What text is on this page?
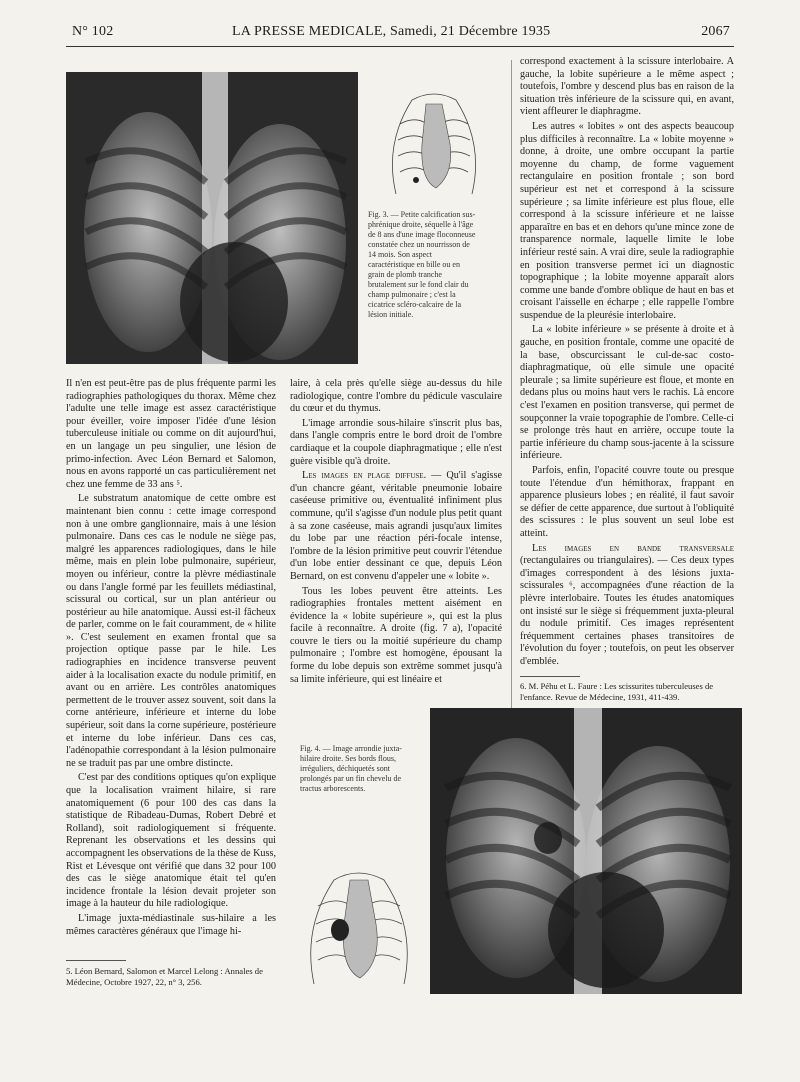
N° 102	LA PRESSE MEDICALE, Samedi, 21 Décembre 1935	2067
Fig. 3. — Petite calcification sus-phrénique droite, séquelle à l'âge de 8 ans d'une image floconneuse constatée chez un nourrisson de 14 mois. Son aspect caractéristique en bille ou en grain de plomb tranche brutalement sur le fond clair du champ pulmonaire ; c'est la cicatrice scléro-calcaire de la lésion initiale.

Il n'en est peut-être pas de plus fréquente parmi les radiographies pathologiques du thorax. Même chez l'adulte une telle image est assez caractéristique pour éveiller, voire imposer l'idée d'une lésion tuberculeuse initiale ou comme on dit aujourd'hui, en un langage un peu singulier, une lésion de primo-infection. Avec Léon Bernard et Salomon, nous en avons rapporté un cas particulièrement net chez une femme de 33 ans ⁵.

Le substratum anatomique de cette ombre est maintenant bien connu : cette image correspond non à une ombre ganglionnaire, mais à une lésion pulmonaire. Dans ces cas le nodule ne siège pas, malgré les apparences radiologiques, dans le hile même, mais en plein lobe pulmonaire, supérieur, moyen ou inférieur, contre la plèvre médiastinale ou dans l'angle formé par les feuillets médiastinal, scissural ou cortical, sur un plan antérieur ou postérieur au hile anatomique. Aussi est-il fâcheux de parler, comme on le fait couramment, de « hilite ». C'est seulement en examen frontal que sa projection optique passe par le hile. Les radiographies en incidence transverse peuvent aider à la localisation exacte du nodule primitif, en avant ou en arrière. Les contrôles anatomiques permettent de le trouver assez souvent, soit dans la corne antérieure, inférieure et interne du lobe supérieur, soit dans la corne supérieure, postérieure et interne du lobe inférieur. Dans ces cas, l'adénopathie correspondant à la lésion pulmonaire ne se traduit pas par une ombre distincte.

C'est par des conditions optiques qu'on explique que la localisation vraiment hilaire, si rare anatomiquement (6 pour 100 des cas dans la statistique de Ribadeau-Dumas, Robert Debré et Rolland), soit radiologiquement si fréquente. Reprenant les observations et les dessins qui accompagnent les observations de la thèse de Kuss, Rist et Lévesque ont vérifié que dans 32 pour 100 des cas le siège anatomique était tel qu'en incidence frontale la lésion devait projeter son image à la hauteur du hile radiologique.

L'image juxta-médiastinale sus-hilaire a les mêmes caractères généraux que l'image hi-

5. Léon Bernard, Salomon et Marcel Lelong : Annales de Médecine, Octobre 1927, 22, n° 3, 256.

laire, à cela près qu'elle siège au-dessus du hile radiologique, contre l'ombre du pédicule vasculaire du cœur et du thymus.

L'image arrondie sous-hilaire s'inscrit plus bas, dans l'angle compris entre le bord droit de l'ombre cardiaque et la coupole diaphragmatique ; elle n'est guère visible qu'à droite.

Les images en plage diffuse. — Qu'il s'agisse d'un chancre géant, véritable pneumonie lobaire caséeuse primitive ou, éventualité infiniment plus commune, qu'il s'agisse d'un nodule plus petit quant à sa zone caséeuse, mais agrandi jusqu'aux limites du lobe par une réaction péri-focale intense, l'ombre de la lésion primitive peut couvrir l'étendue d'un lobe entier dessinant ce que, depuis Léon Bernard, on est convenu d'appeler une « lobite ».

Tous les lobes peuvent être atteints. Les radiographies frontales mettent aisément en évidence la « lobite supérieure », qui est la plus facile à reconnaître. A droite (fig. 7 a), l'opacité couvre le tiers ou la moitié supérieure du champ pulmonaire ; l'ombre est homogène, épousant la forme du lobe depuis son extrême sommet jusqu'à sa limite inférieure, qui est linéaire et

Fig. 4. — Image arrondie juxta-hilaire droite. Ses bords flous, irréguliers, déchiquetés sont prolongés par un fin chevelu de tractus arborescents.

correspond exactement à la scissure interlobaire. A gauche, la lobite supérieure a le même aspect ; toutefois, l'ombre y descend plus bas en raison de la situation très inférieure de la scissure qui, en avant, vient affleurer le diaphragme.

Les autres « lobites » ont des aspects beaucoup plus difficiles à reconnaître. La « lobite moyenne » donne, à droite, une ombre occupant la partie moyenne du champ, de forme vaguement rectangulaire en position frontale ; son bord supérieur est net et correspond à la scissure supérieure ; sa limite inférieure est plus floue, elle correspond à la scissure inférieure et ne laisse apparaître en bas et en dehors qu'une mince zone de transparence normale, laquelle limite le lobe inférieur resté sain. A vrai dire, seule la radiographie en position transverse permet ici un diagnostic topographique ; la lobite moyenne apparaît alors comme une bande d'ombre oblique de haut en bas et croisant l'aisselle en écharpe ; elle rappelle l'ombre suspendue de la pleurésie interlobaire.

La « lobite inférieure » se présente à droite et à gauche, en position frontale, comme une opacité de la base, obscurcissant le cul-de-sac costo-diaphragmatique, où elle simule une opacité pleurale ; sa limite supérieure est floue, et monte en dedans plus ou moins haut vers le rachis. Là encore c'est l'examen en position transverse, qui permet de soupçonner la vraie topographie de l'ombre. Celle-ci se prolonge très haut en arrière, occupe toute la partie inférieure du champ sous-jacente à la scissure inférieure.

Parfois, enfin, l'opacité couvre toute ou presque toute l'étendue d'un hémithorax, frappant en apparence plusieurs lobes ; en réalité, il faut savoir se défier de cette apparence, due surtout à l'obliquité des scissures : le plus souvent un seul lobe est atteint.

Les images en bande transversale (rectangulaires ou triangulaires). — Ces deux types d'images correspondent à des lésions juxta-scissurales ⁶, accompagnées d'une réaction de la plèvre interlobaire. Toutes les études anatomiques ont insisté sur le siège si fréquemment juxta-pleural du nodule primitif. Ces images représentent fréquemment certaines phases transitoires de l'évolution du foyer ; toutefois, on peut les observer d'emblée.

6. M. Péhu et L. Faure : Les scissurites tuberculeuses de l'enfance. Revue de Médecine, 1931, 411-439.
